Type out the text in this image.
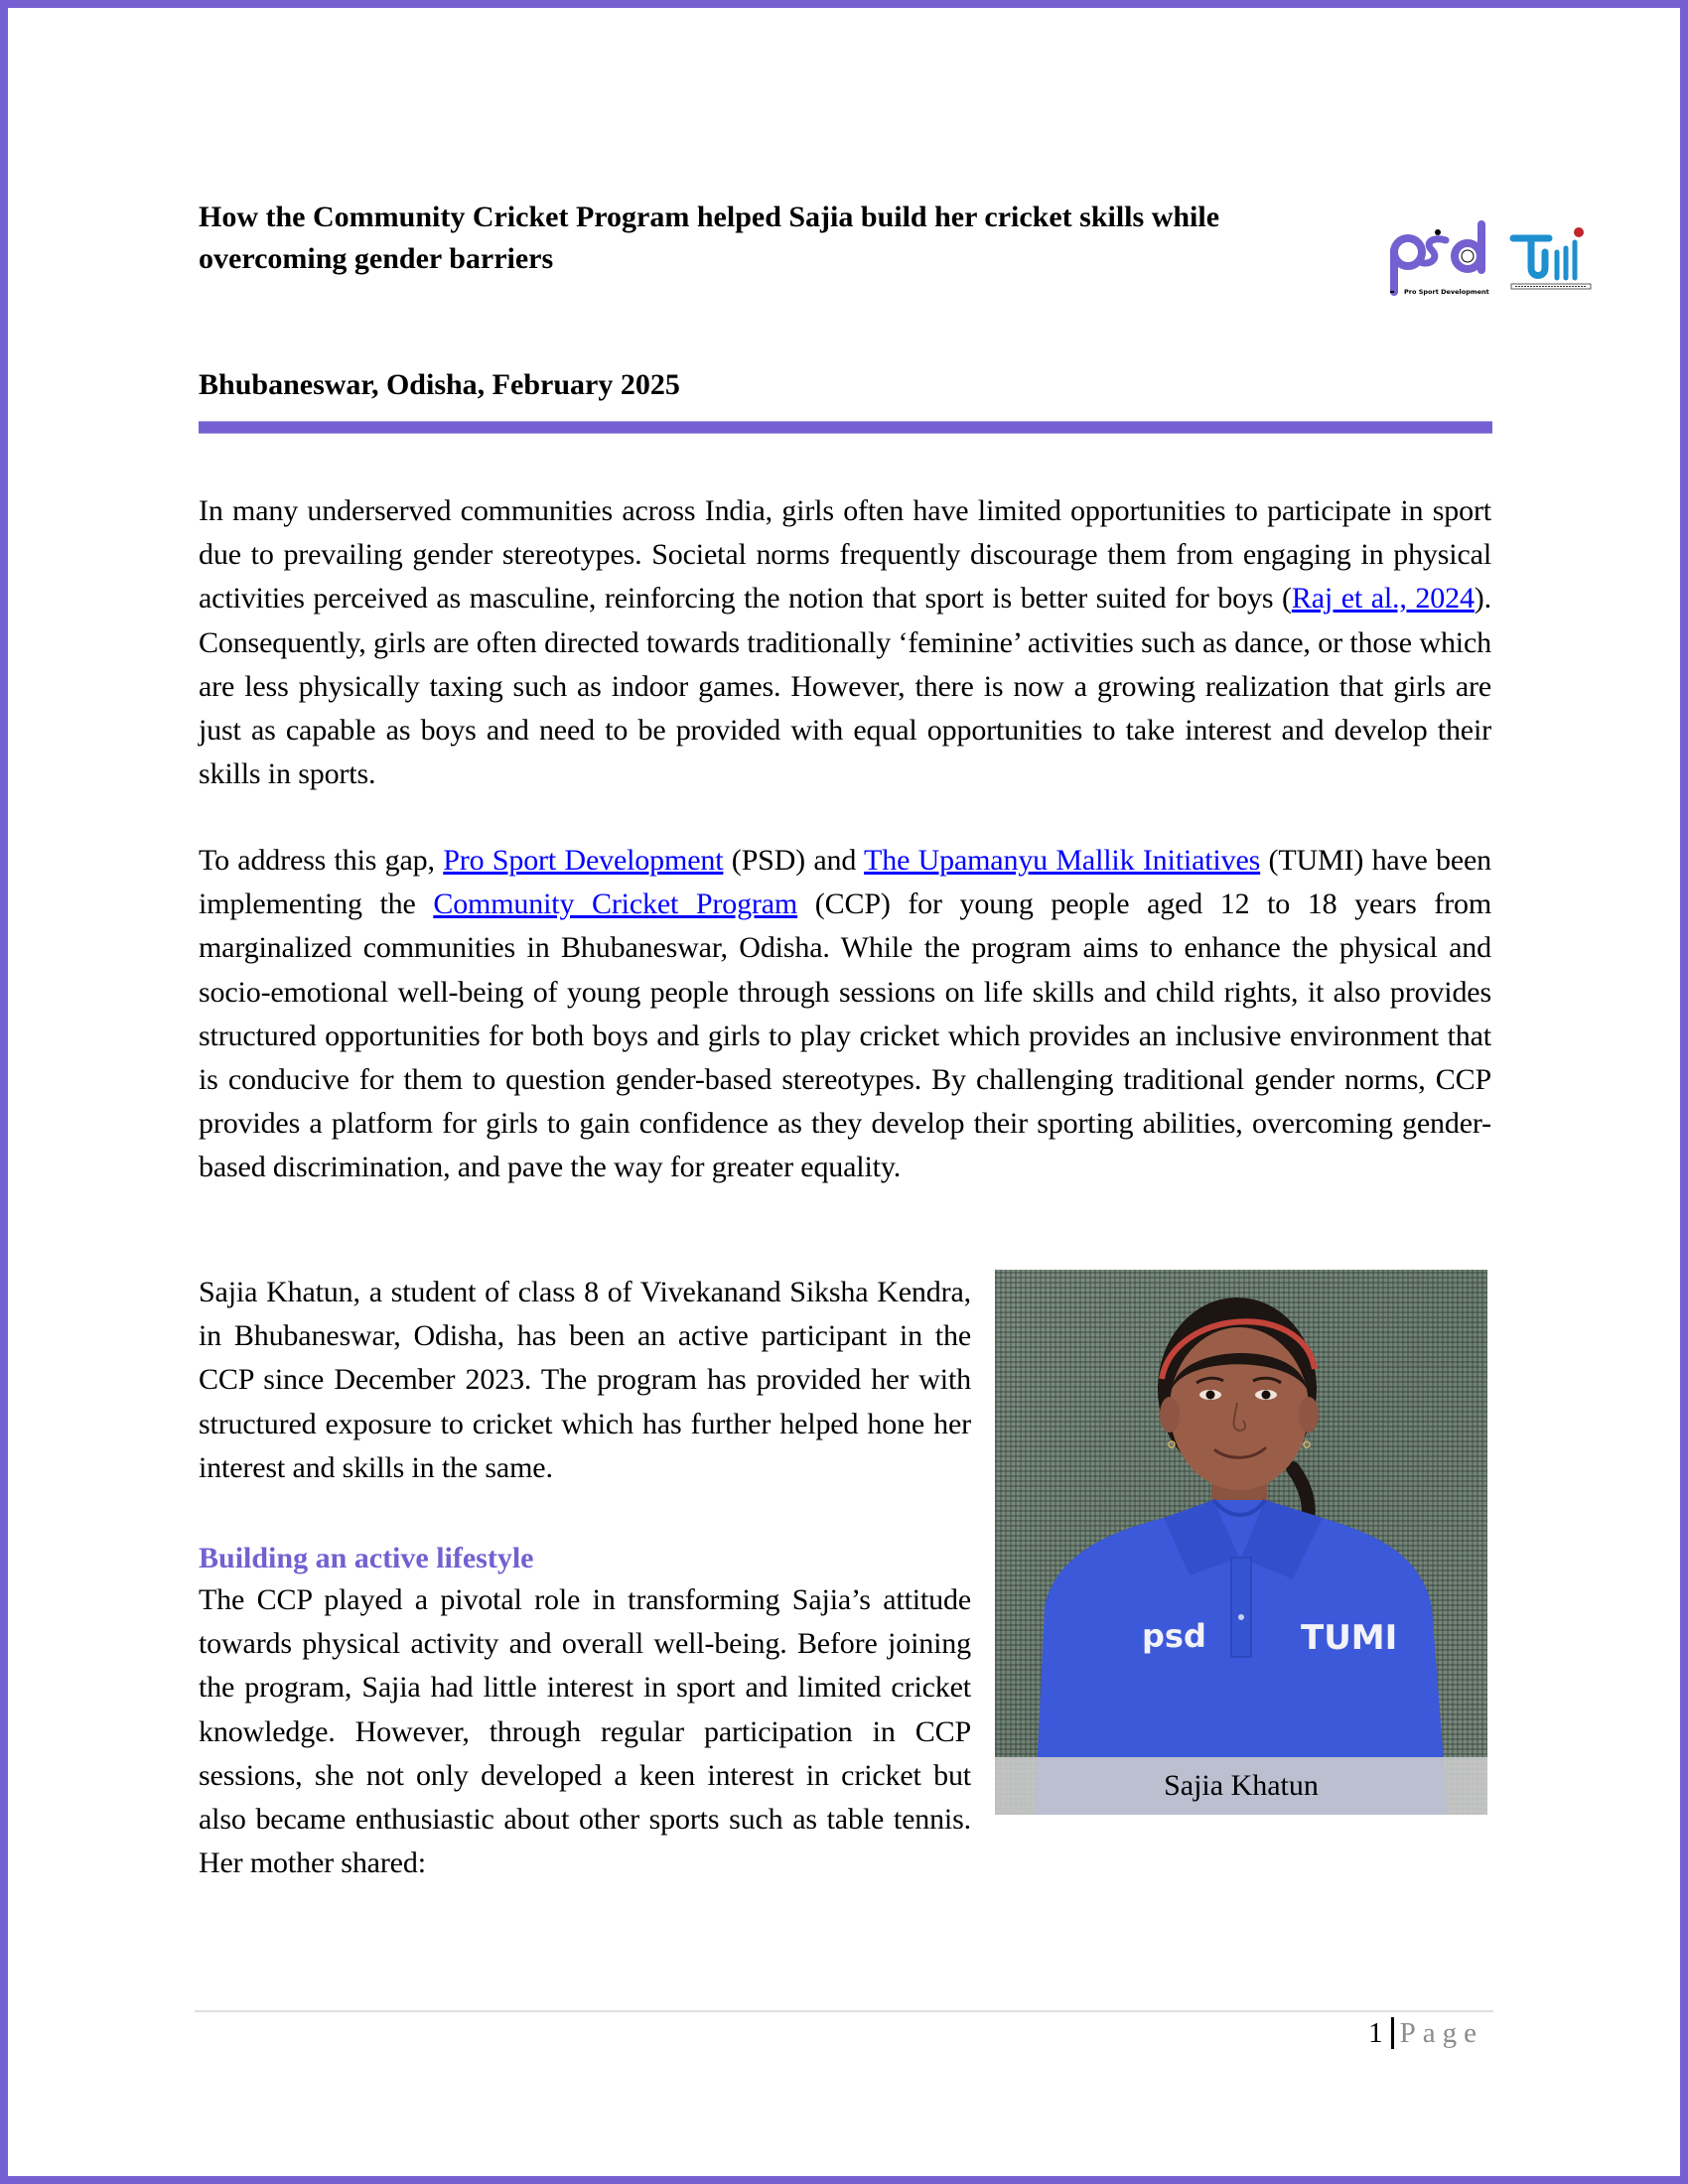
How the Community Cricket Program helped Sajia build her cricket skills while overcoming gender barriers
Pro Sport Development
Bhubaneswar, Odisha, February 2025

In many underserved communities across India, girls often have limited opportunities to participate in sport due to prevailing gender stereotypes. Societal norms frequently discourage them from engaging in physical activities perceived as masculine, reinforcing the notion that sport is better suited for boys (Raj et al., 2024). Consequently, girls are often directed towards traditionally ‘feminine’ activities such as dance, or those which are less physically taxing such as indoor games. However, there is now a growing realization that girls are just as capable as boys and need to be provided with equal opportunities to take interest and develop their skills in sports.

To address this gap, Pro Sport Development (PSD) and The Upamanyu Mallik Initiatives (TUMI) have been implementing the Community Cricket Program (CCP) for young people aged 12 to 18 years from marginalized communities in Bhubaneswar, Odisha. While the program aims to enhance the physical and socio-emotional well-being of young people through sessions on life skills and child rights, it also provides structured opportunities for both boys and girls to play cricket which provides an inclusive environment that is conducive for them to question gender-based stereotypes. By challenging traditional gender norms, CCP provides a platform for girls to gain confidence as they develop their sporting abilities, overcoming gender-based discrimination, and pave the way for greater equality.

Sajia Khatun, a student of class 8 of Vivekanand Siksha Kendra, in Bhubaneswar, Odisha, has been an active participant in the CCP since December 2023. The program has provided her with structured exposure to cricket which has further helped hone her interest and skills in the same.

Building an active lifestyle

The CCP played a pivotal role in transforming Sajia’s attitude towards physical activity and overall well-being. Before joining the program, Sajia had little interest in sport and limited cricket knowledge. However, through regular participation in CCP sessions, she not only developed a keen interest in cricket but also became enthusiastic about other sports such as table tennis. Her mother shared:

psd	TUMI
Sajia Khatun
1 Page
